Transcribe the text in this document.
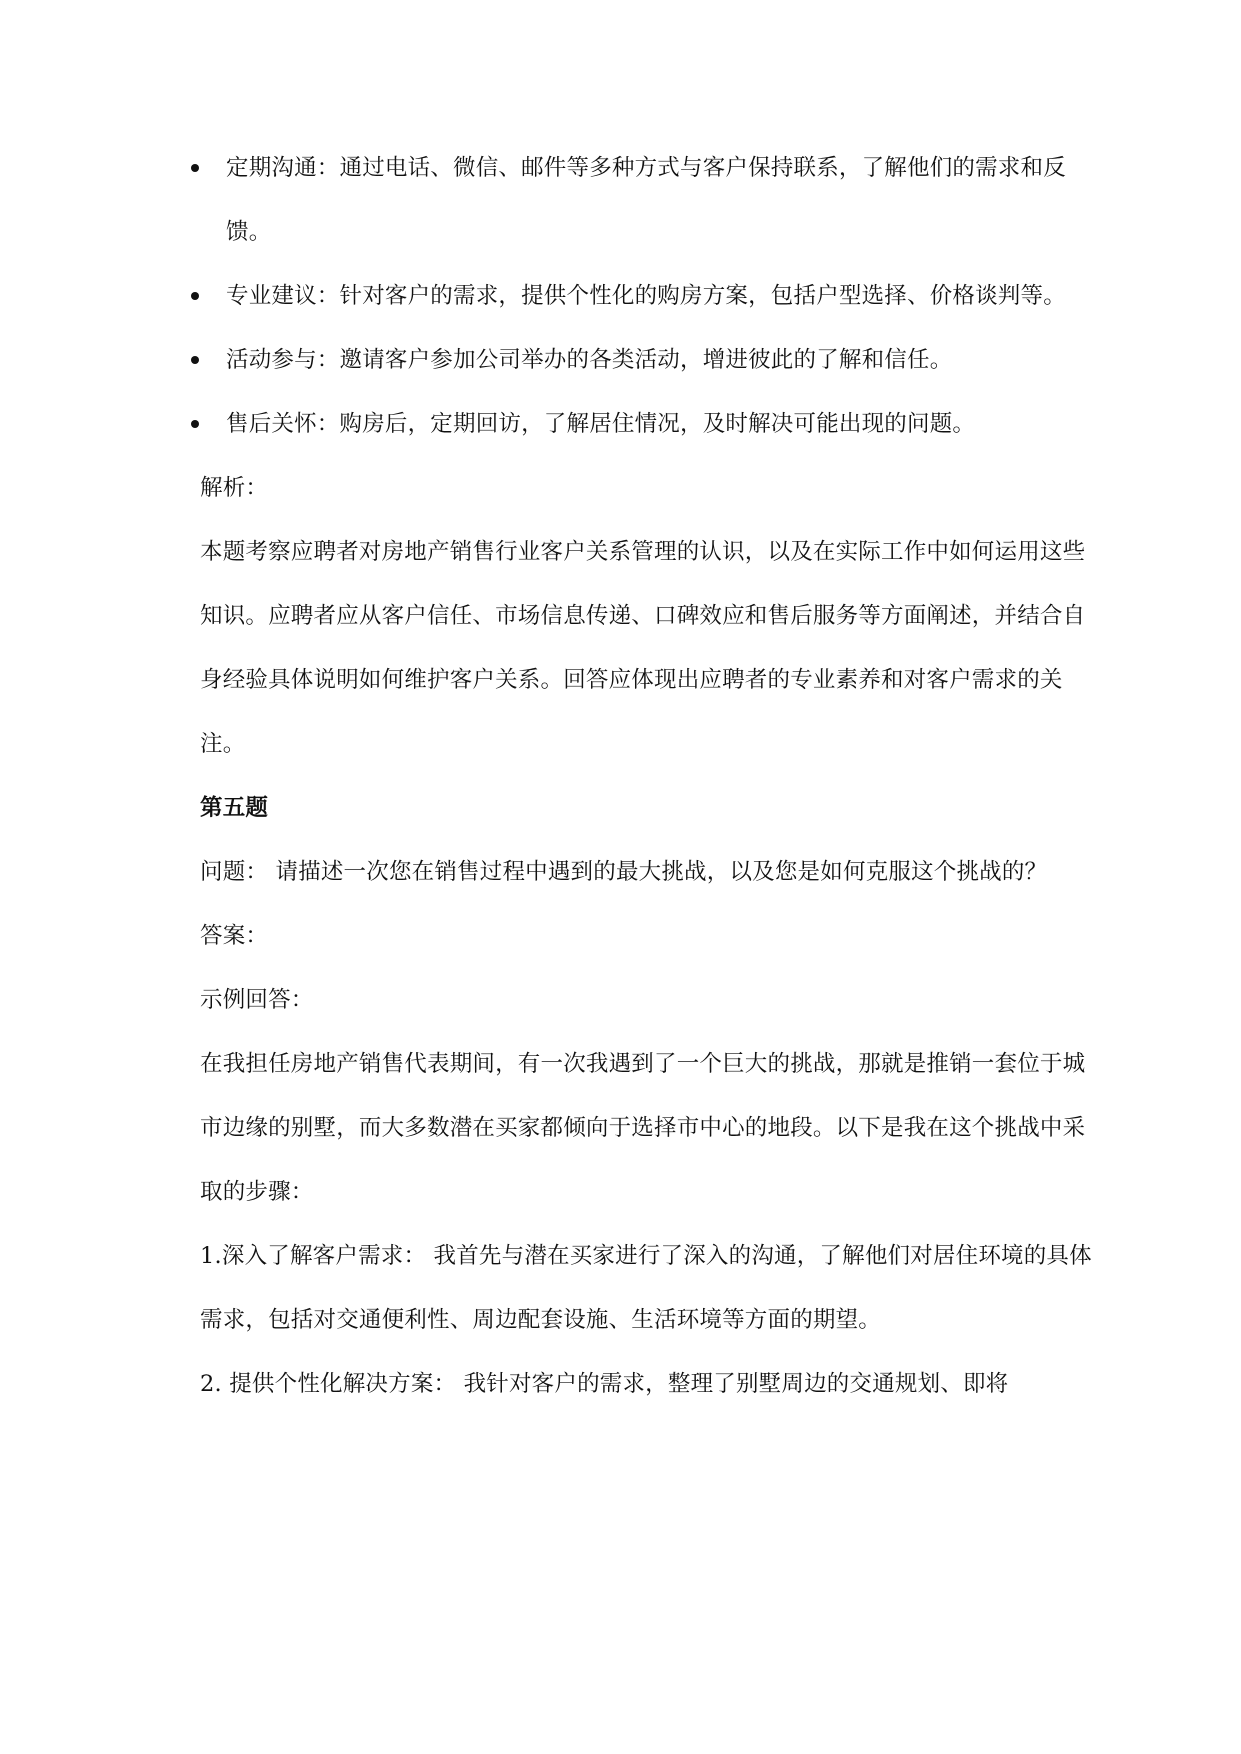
定期沟通：通过电话、微信、邮件等多种方式与客户保持联系，了解他们的需求和反馈。
专业建议：针对客户的需求，提供个性化的购房方案，包括户型选择、价格谈判等。
活动参与：邀请客户参加公司举办的各类活动，增进彼此的了解和信任。
售后关怀：购房后，定期回访，了解居住情况，及时解决可能出现的问题。
解析：
本题考察应聘者对房地产销售行业客户关系管理的认识，以及在实际工作中如何运用这些知识。应聘者应从客户信任、市场信息传递、口碑效应和售后服务等方面阐述，并结合自身经验具体说明如何维护客户关系。回答应体现出应聘者的专业素养和对客户需求的关注。
第五题
问题： 请描述一次您在销售过程中遇到的最大挑战，以及您是如何克服这个挑战的？
答案：
示例回答：
在我担任房地产销售代表期间，有一次我遇到了一个巨大的挑战，那就是推销一套位于城市边缘的别墅，而大多数潜在买家都倾向于选择市中心的地段。以下是我在这个挑战中采取的步骤：
1.深入了解客户需求： 我首先与潜在买家进行了深入的沟通，了解他们对居住环境的具体需求，包括对交通便利性、周边配套设施、生活环境等方面的期望。
2. 提供个性化解决方案： 我针对客户的需求，整理了别墅周边的交通规划、即将
